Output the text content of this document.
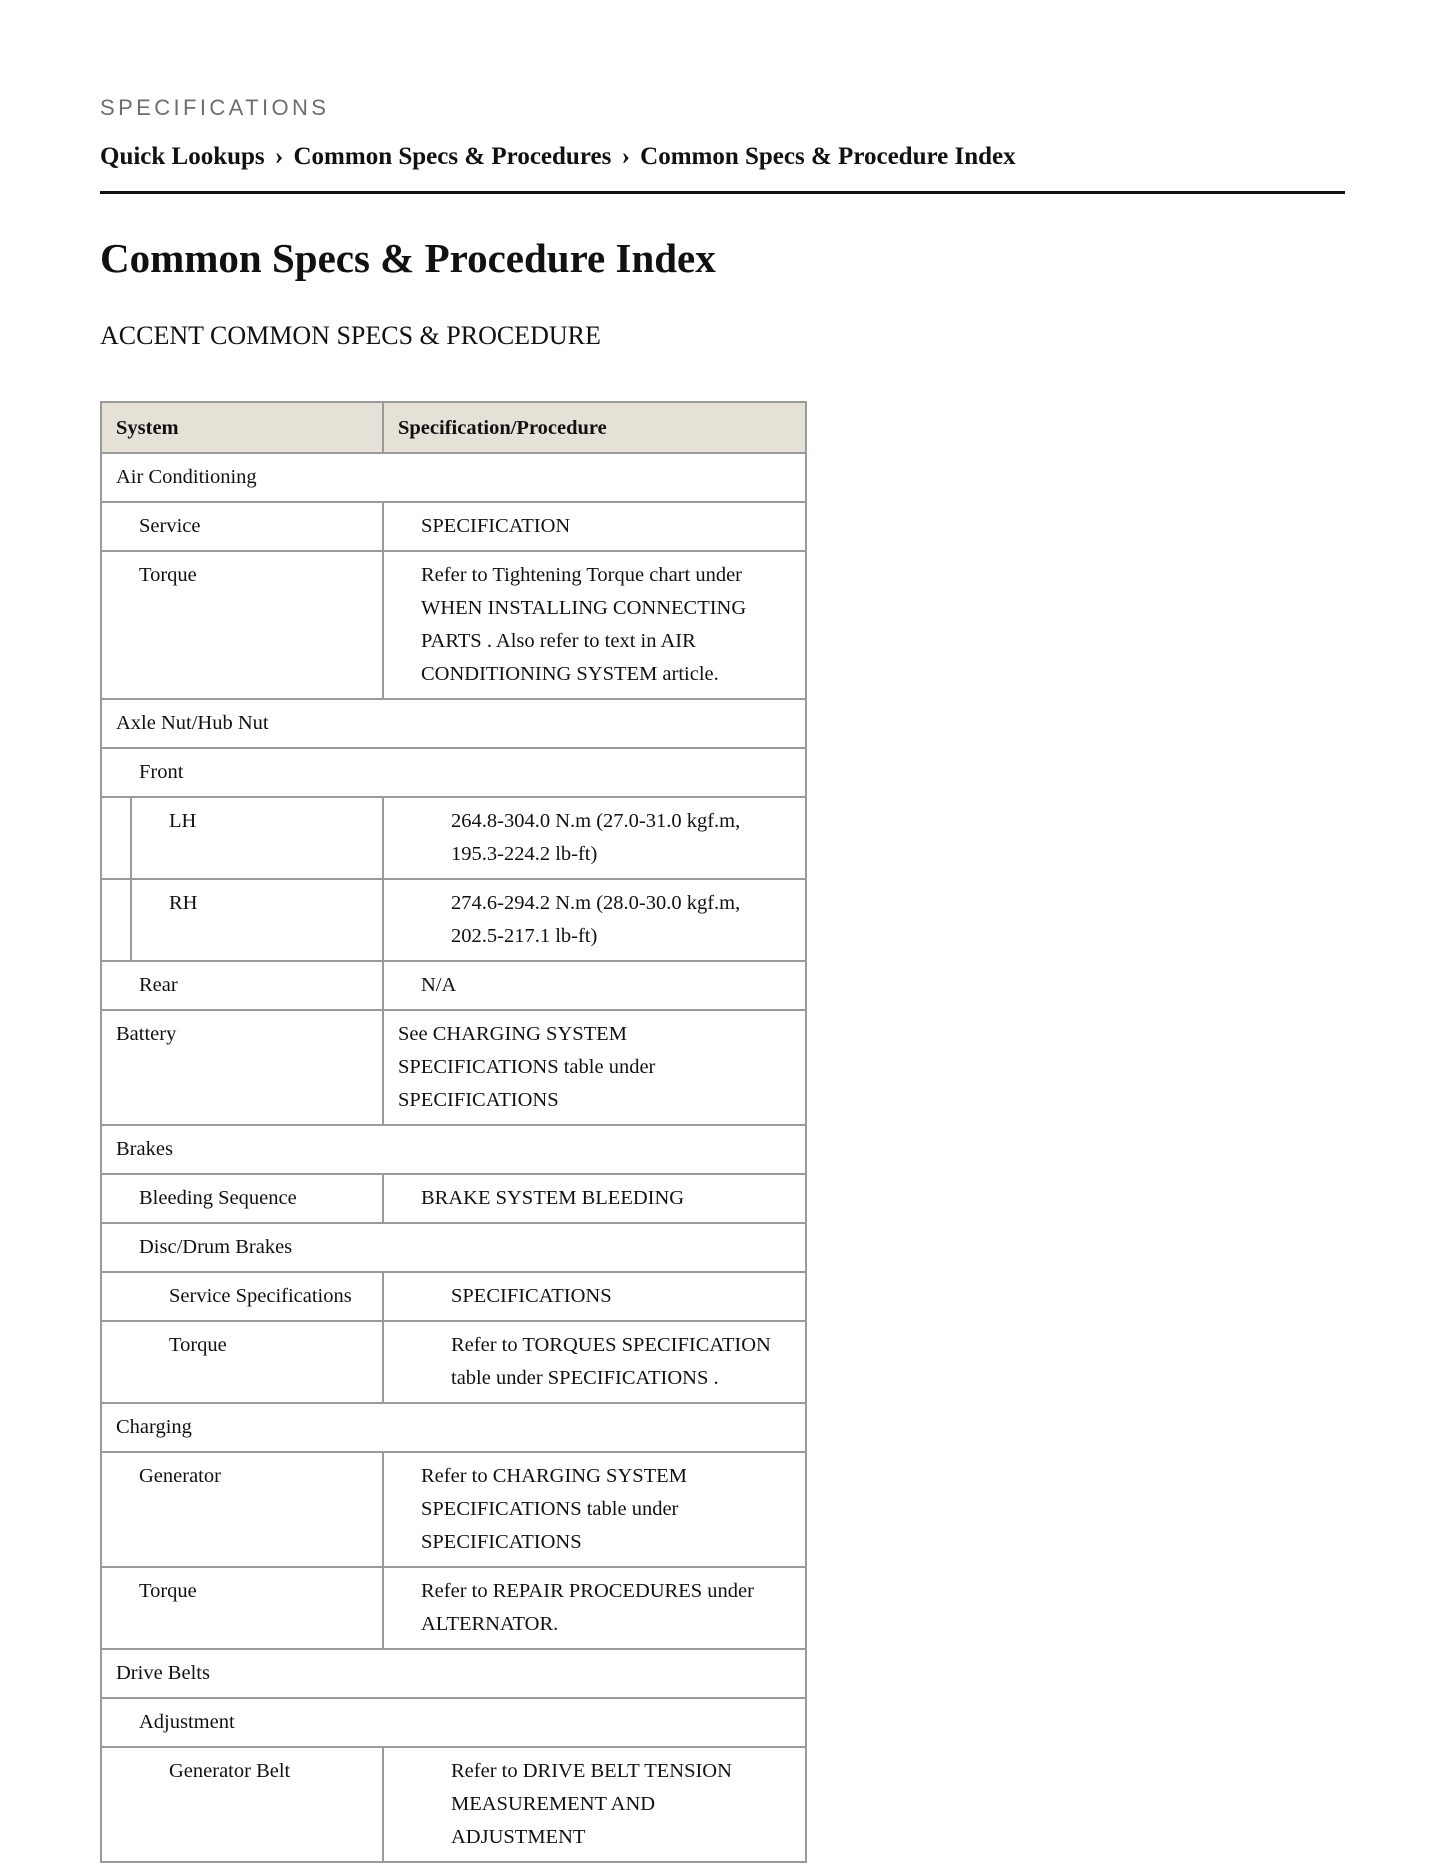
SPECIFICATIONS

Quick Lookups › Common Specs & Procedures › Common Specs & Procedure Index
Common Specs & Procedure Index
ACCENT COMMON SPECS & PROCEDURE
System	Specification/Procedure
Air Conditioning	
Service	SPECIFICATION
Torque	Refer to Tightening Torque chart under WHEN INSTALLING CONNECTING PARTS . Also refer to text in AIR CONDITIONING SYSTEM article.
Axle Nut/Hub Nut	
Front	
LH	264.8-304.0 N.m (27.0-31.0 kgf.m, 195.3-224.2 lb-ft)
RH	274.6-294.2 N.m (28.0-30.0 kgf.m, 202.5-217.1 lb-ft)
Rear	N/A
Battery	See CHARGING SYSTEM SPECIFICATIONS table under SPECIFICATIONS
Brakes	
Bleeding Sequence	BRAKE SYSTEM BLEEDING
Disc/Drum Brakes	
Service Specifications	SPECIFICATIONS
Torque	Refer to TORQUES SPECIFICATION table under SPECIFICATIONS .
Charging	
Generator	Refer to CHARGING SYSTEM SPECIFICATIONS table under SPECIFICATIONS
Torque	Refer to REPAIR PROCEDURES under ALTERNATOR.
Drive Belts	
Adjustment	
Generator Belt	Refer to DRIVE BELT TENSION MEASUREMENT AND ADJUSTMENT
